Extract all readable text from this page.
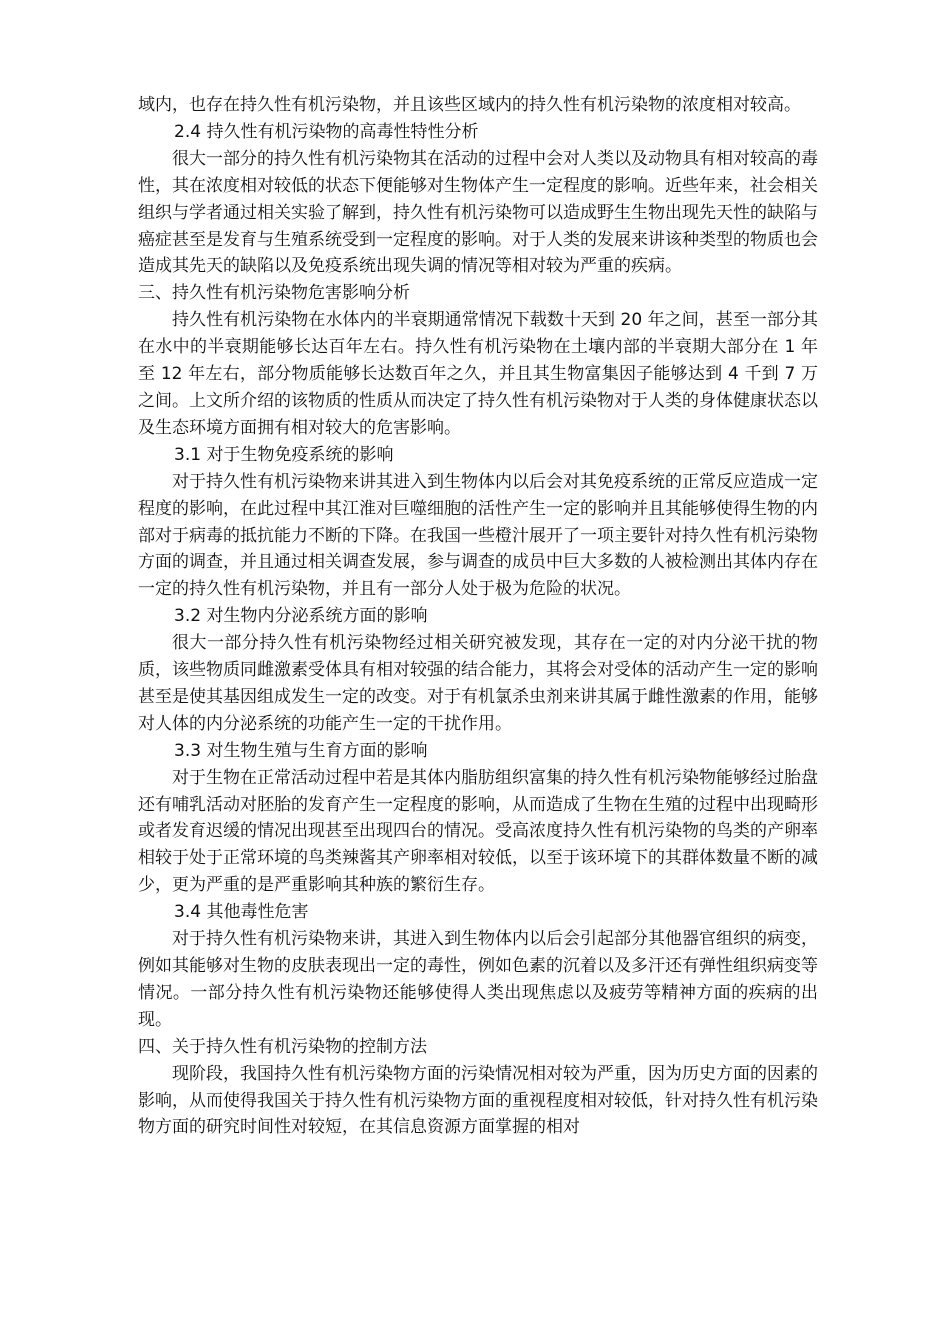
域内，也存在持久性有机污染物，并且该些区域内的持久性有机污染物的浓度相对较高。

2.4 持久性有机污染物的高毒性特性分析

很大一部分的持久性有机污染物其在活动的过程中会对人类以及动物具有相对较高的毒性，其在浓度相对较低的状态下便能够对生物体产生一定程度的影响。近些年来，社会相关组织与学者通过相关实验了解到，持久性有机污染物可以造成野生生物出现先天性的缺陷与癌症甚至是发育与生殖系统受到一定程度的影响。对于人类的发展来讲该种类型的物质也会造成其先天的缺陷以及免疫系统出现失调的情况等相对较为严重的疾病。

三、持久性有机污染物危害影响分析

持久性有机污染物在水体内的半衰期通常情况下载数十天到 20 年之间，甚至一部分其在水中的半衰期能够长达百年左右。持久性有机污染物在土壤内部的半衰期大部分在 1 年至 12 年左右，部分物质能够长达数百年之久，并且其生物富集因子能够达到 4 千到 7 万之间。上文所介绍的该物质的性质从而决定了持久性有机污染物对于人类的身体健康状态以及生态环境方面拥有相对较大的危害影响。

3.1 对于生物免疫系统的影响

对于持久性有机污染物来讲其进入到生物体内以后会对其免疫系统的正常反应造成一定程度的影响，在此过程中其江淮对巨噬细胞的活性产生一定的影响并且其能够使得生物的内部对于病毒的抵抗能力不断的下降。在我国一些橙汁展开了一项主要针对持久性有机污染物方面的调查，并且通过相关调查发展，参与调查的成员中巨大多数的人被检测出其体内存在一定的持久性有机污染物，并且有一部分人处于极为危险的状况。

3.2 对生物内分泌系统方面的影响

很大一部分持久性有机污染物经过相关研究被发现，其存在一定的对内分泌干扰的物质，该些物质同雌激素受体具有相对较强的结合能力，其将会对受体的活动产生一定的影响甚至是使其基因组成发生一定的改变。对于有机氯杀虫剂来讲其属于雌性激素的作用，能够对人体的内分泌系统的功能产生一定的干扰作用。

3.3 对生物生殖与生育方面的影响

对于生物在正常活动过程中若是其体内脂肪组织富集的持久性有机污染物能够经过胎盘还有哺乳活动对胚胎的发育产生一定程度的影响，从而造成了生物在生殖的过程中出现畸形或者发育迟缓的情况出现甚至出现四台的情况。受高浓度持久性有机污染物的鸟类的产卵率相较于处于正常环境的鸟类辣酱其产卵率相对较低，以至于该环境下的其群体数量不断的减少，更为严重的是严重影响其种族的繁衍生存。

3.4 其他毒性危害

对于持久性有机污染物来讲，其进入到生物体内以后会引起部分其他器官组织的病变，例如其能够对生物的皮肤表现出一定的毒性，例如色素的沉着以及多汗还有弹性组织病变等情况。一部分持久性有机污染物还能够使得人类出现焦虑以及疲劳等精神方面的疾病的出现。

四、关于持久性有机污染物的控制方法

现阶段，我国持久性有机污染物方面的污染情况相对较为严重，因为历史方面的因素的影响，从而使得我国关于持久性有机污染物方面的重视程度相对较低，针对持久性有机污染物方面的研究时间性对较短，在其信息资源方面掌握的相对
